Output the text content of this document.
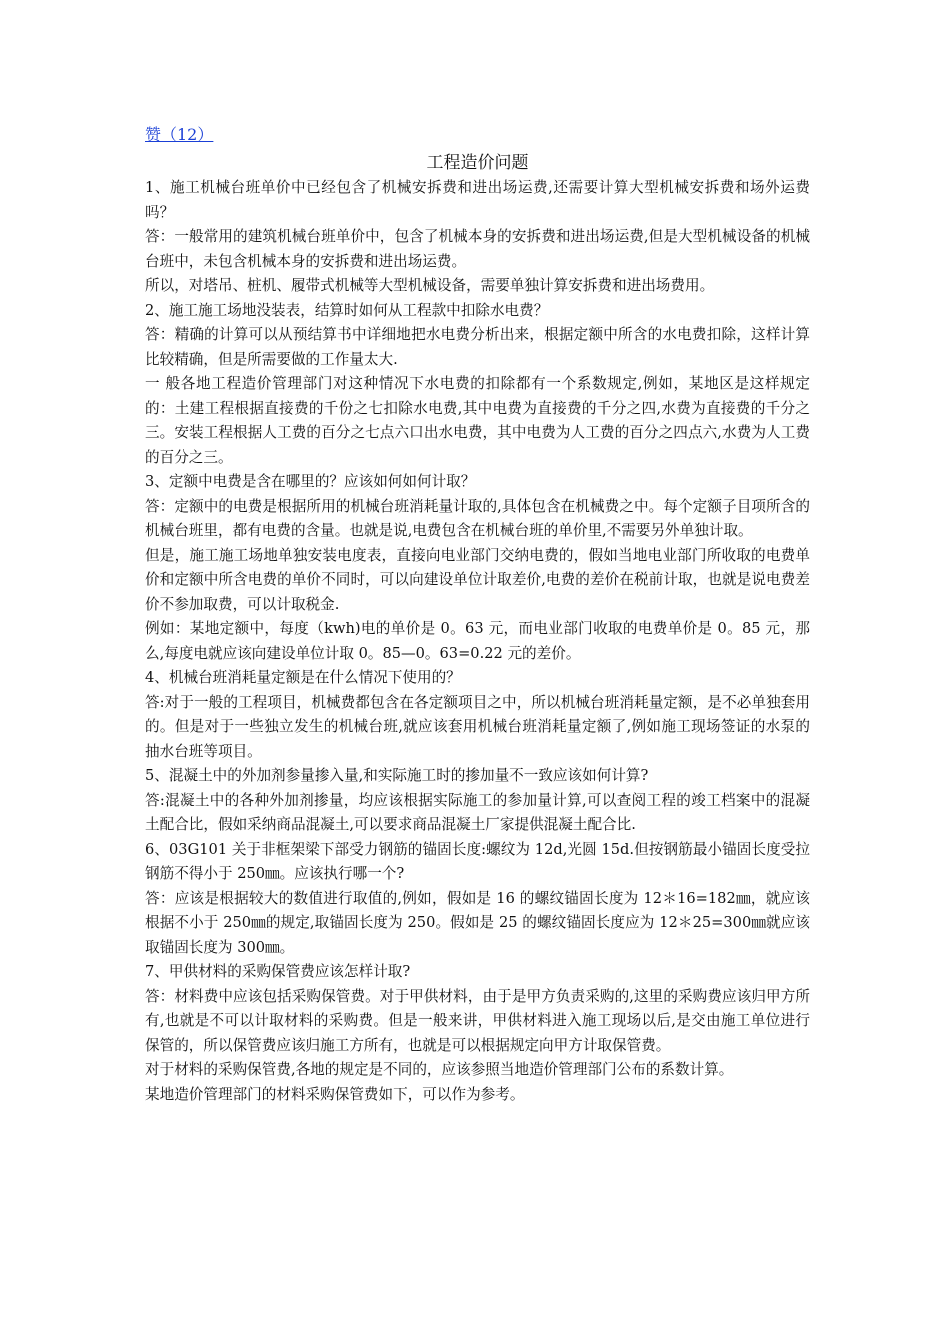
赞（12）
工程造价问题

1、施工机械台班单价中已经包含了机械安拆费和进出场运费,还需要计算大型机械安拆费和场外运费吗？

答：一般常用的建筑机械台班单价中，包含了机械本身的安拆费和进出场运费,但是大型机械设备的机械台班中，未包含机械本身的安拆费和进出场运费。

所以，对塔吊、桩机、履带式机械等大型机械设备，需要单独计算安拆费和进出场费用。

2、施工施工场地没装表，结算时如何从工程款中扣除水电费？

答：精确的计算可以从预结算书中详细地把水电费分析出来，根据定额中所含的水电费扣除，这样计算比较精确，但是所需要做的工作量太大.

一 般各地工程造价管理部门对这种情况下水电费的扣除都有一个系数规定,例如，某地区是这样规定的：土建工程根据直接费的千份之七扣除水电费,其中电费为直接费的千分之四,水费为直接费的千分之三。安装工程根据人工费的百分之七点六口出水电费，其中电费为人工费的百分之四点六,水费为人工费的百分之三。

3、定额中电费是含在哪里的？应该如何如何计取？

答：定额中的电费是根据所用的机械台班消耗量计取的,具体包含在机械费之中。每个定额子目项所含的机械台班里，都有电费的含量。也就是说,电费包含在机械台班的单价里,不需要另外单独计取。

但是，施工施工场地单独安装电度表，直接向电业部门交纳电费的，假如当地电业部门所收取的电费单价和定额中所含电费的单价不同时，可以向建设单位计取差价,电费的差价在税前计取，也就是说电费差价不参加取费，可以计取税金.

例如：某地定额中，每度（kwh)电的单价是 0。63 元，而电业部门收取的电费单价是 0。85 元，那么,每度电就应该向建设单位计取 0。85—0。63=0.22 元的差价。

4、机械台班消耗量定额是在什么情况下使用的？

答:对于一般的工程项目，机械费都包含在各定额项目之中，所以机械台班消耗量定额，是不必单独套用的。但是对于一些独立发生的机械台班,就应该套用机械台班消耗量定额了,例如施工现场签证的水泵的抽水台班等项目。

5、混凝土中的外加剂参量掺入量,和实际施工时的掺加量不一致应该如何计算?

答:混凝土中的各种外加剂掺量，均应该根据实际施工的参加量计算,可以查阅工程的竣工档案中的混凝土配合比，假如采纳商品混凝土,可以要求商品混凝土厂家提供混凝土配合比.

6、03G101 关于非框架梁下部受力钢筋的锚固长度:螺纹为 12d,光圆 15d.但按钢筋最小锚固长度受拉钢筋不得小于 250㎜。应该执行哪一个?

答：应该是根据较大的数值进行取值的,例如，假如是 16 的螺纹锚固长度为 12＊16=182㎜，就应该根据不小于 250㎜的规定,取锚固长度为 250。假如是 25 的螺纹锚固长度应为 12＊25=300㎜就应该取锚固长度为 300㎜。

7、甲供材料的采购保管费应该怎样计取?

答：材料费中应该包括采购保管费。对于甲供材料，由于是甲方负责采购的,这里的采购费应该归甲方所有,也就是不可以计取材料的采购费。但是一般来讲，甲供材料进入施工现场以后,是交由施工单位进行保管的，所以保管费应该归施工方所有，也就是可以根据规定向甲方计取保管费。

对于材料的采购保管费,各地的规定是不同的，应该参照当地造价管理部门公布的系数计算。

某地造价管理部门的材料采购保管费如下，可以作为参考。
